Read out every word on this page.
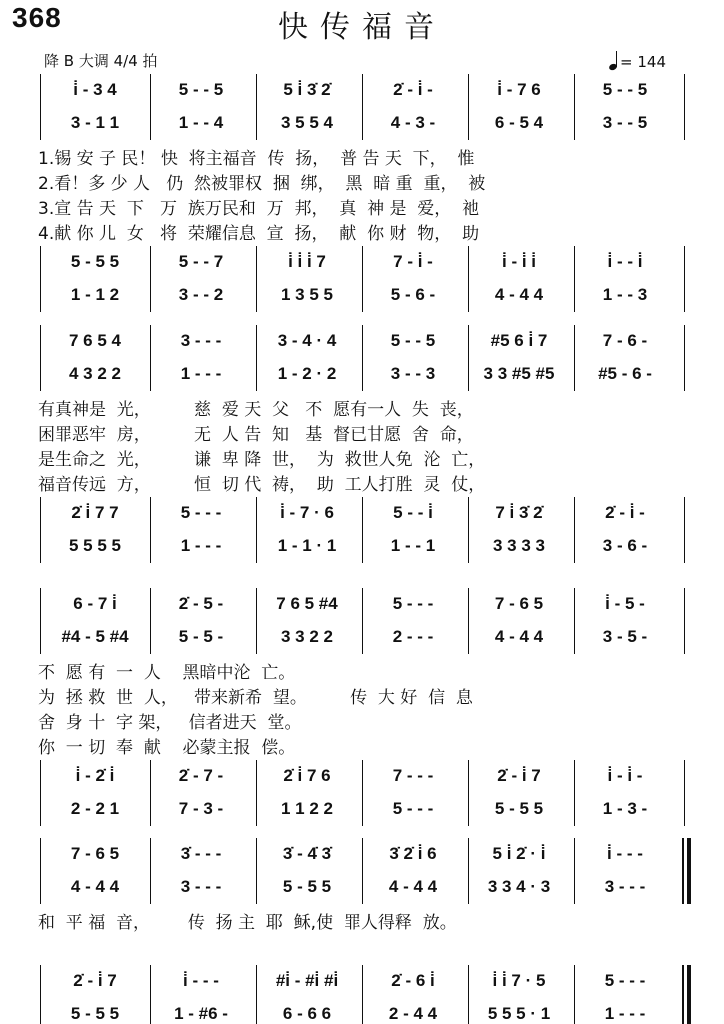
368	快传福音
降 B 大调 4/4 拍	= 144
i̇ - 3 4	5 - - 5	5 i̇ 3̇ 2̇	2̇ - i̇ -	i̇ - 7 6	5 - - 5
3 - 1 1	1 - - 4	3 5 5 4	4 - 3 -	6 - 5 4	3 - - 5
1.锡 安 子 民！ 快  将主福音  传  扬，  普 告 天  下，  惟
2.看！多 少 人   仍  然被罪权  捆  绑，  黑  暗 重  重，  被
3.宣 告 天  下   万  族万民和  万  邦，  真  神 是  爱，  祂
4.献 你 儿  女   将  荣耀信息  宣  扬，  献  你 财  物，  助
5 - 5 5	5 - - 7	i̇ i̇ i̇ 7	7 - i̇ -	i̇ - i̇ i̇	i̇ - - i̇
1 - 1 2	3 - - 2	1 3 5 5	5 - 6 -	4 - 4 4	1 - - 3
7 6 5 4	3 - - -	3 - 4 · 4	5 - - 5	#5 6 i̇ 7	7 - 6 -
4 3 2 2	1 - - -	1 - 2 · 2	3 - - 3	3 3 #5 #5	#5 - 6 -
有真神是  光，        慈  爱 天  父   不  愿有一人  失  丧，
困罪恶牢  房，        无  人 告  知   基  督已甘愿  舍  命，
是生命之  光，        谦  卑 降  世，  为  救世人免  沦  亡，
福音传远  方，        恒  切 代  祷，  助  工人打胜  灵  仗，
2̇ i̇ 7 7	5 - - -	i̇ - 7 · 6	5 - - i̇	7 i̇ 3̇ 2̇	2̇ - i̇ -
5 5 5 5	1 - - -	1 - 1 · 1	1 - - 1	3 3 3 3	3 - 6 -
6 - 7 i̇	2̇ - 5 -	7 6 5 #4	5 - - -	7 - 6 5	i̇ - 5 -
#4 - 5 #4	5 - 5 -	3 3 2 2	2 - - -	4 - 4 4	3 - 5 -
不  愿 有  一  人    黑暗中沦  亡。
为  拯 救  世  人，   带来新希  望。        传  大 好  信  息
舍  身 十  字 架，   信者进天  堂。
你  一 切  奉  献    必蒙主报  偿。
i̇ - 2̇ i̇	2̇ - 7 -	2̇ i̇ 7 6	7 - - -	2̇ - i̇ 7	i̇ - i̇ -
2 - 2 1	7 - 3 -	1 1 2 2	5 - - -	5 - 5 5	1 - 3 -
7 - 6 5	3̇ - - -	3̇ - 4̇ 3̇	3̇ 2̇ i̇ 6	5 i̇ 2̇ · i̇	i̇ - - -
4 - 4 4	3 - - -	5 - 5 5	4 - 4 4	3 3 4 · 3	3 - - -
和  平 福  音，       传  扬 主  耶  稣,使  罪人得释  放。
2̇ - i̇ 7	i̇ - - -	#i̇ - #i̇ #i̇	2̇ - 6 i̇	i̇ i̇ 7 · 5	5 - - -
5 - 5 5	1 - #6 -	6 - 6 6	2 - 4 4	5 5 5 · 1	1 - - -
